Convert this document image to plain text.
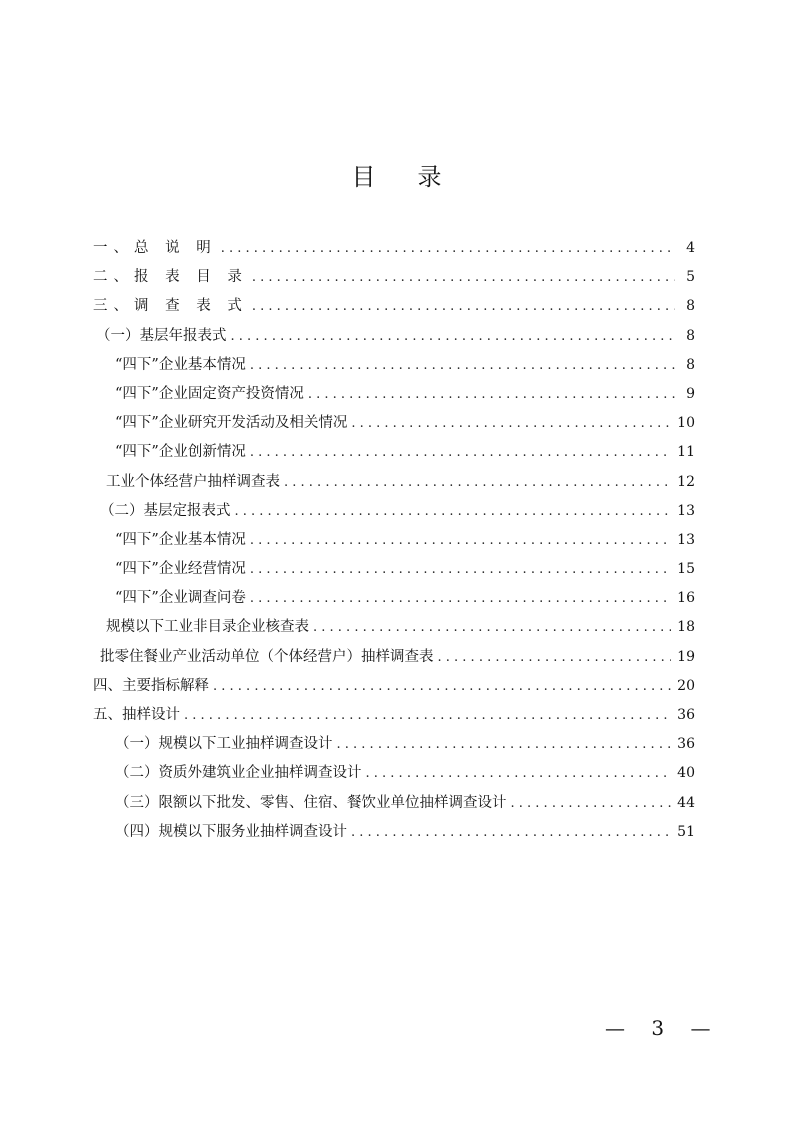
目 录
一、总 说 明 . . .	4
二、报 表 目 录 . . .	5
三、调 查 表 式 . . .	8
（一）基层年报表式 . . .	8
“四下”企业基本情况 . . .	8
“四下”企业固定资产投资情况 . . .	9
“四下”企业研究开发活动及相关情况 . . .	10
“四下”企业创新情况 . . .	11
工业个体经营户抽样调查表 . . .	12
（二）基层定报表式 . . .	13
“四下”企业基本情况 . . .	13
“四下”企业经营情况 . . .	15
“四下”企业调查问卷 . . .	16
规模以下工业非目录企业核查表 . . .	18
批零住餐业产业活动单位（个体经营户）抽样调查表 . . .	19
四、主要指标解释 . . .	20
五、抽样设计 . . .	36
（一）规模以下工业抽样调查设计 . . .	36
（二）资质外建筑业企业抽样调查设计 . . .	40
（三）限额以下批发、零售、住宿、餐饮业单位抽样调查设计 . . .	44
（四）规模以下服务业抽样调查设计 . . .	51
— 3 —
